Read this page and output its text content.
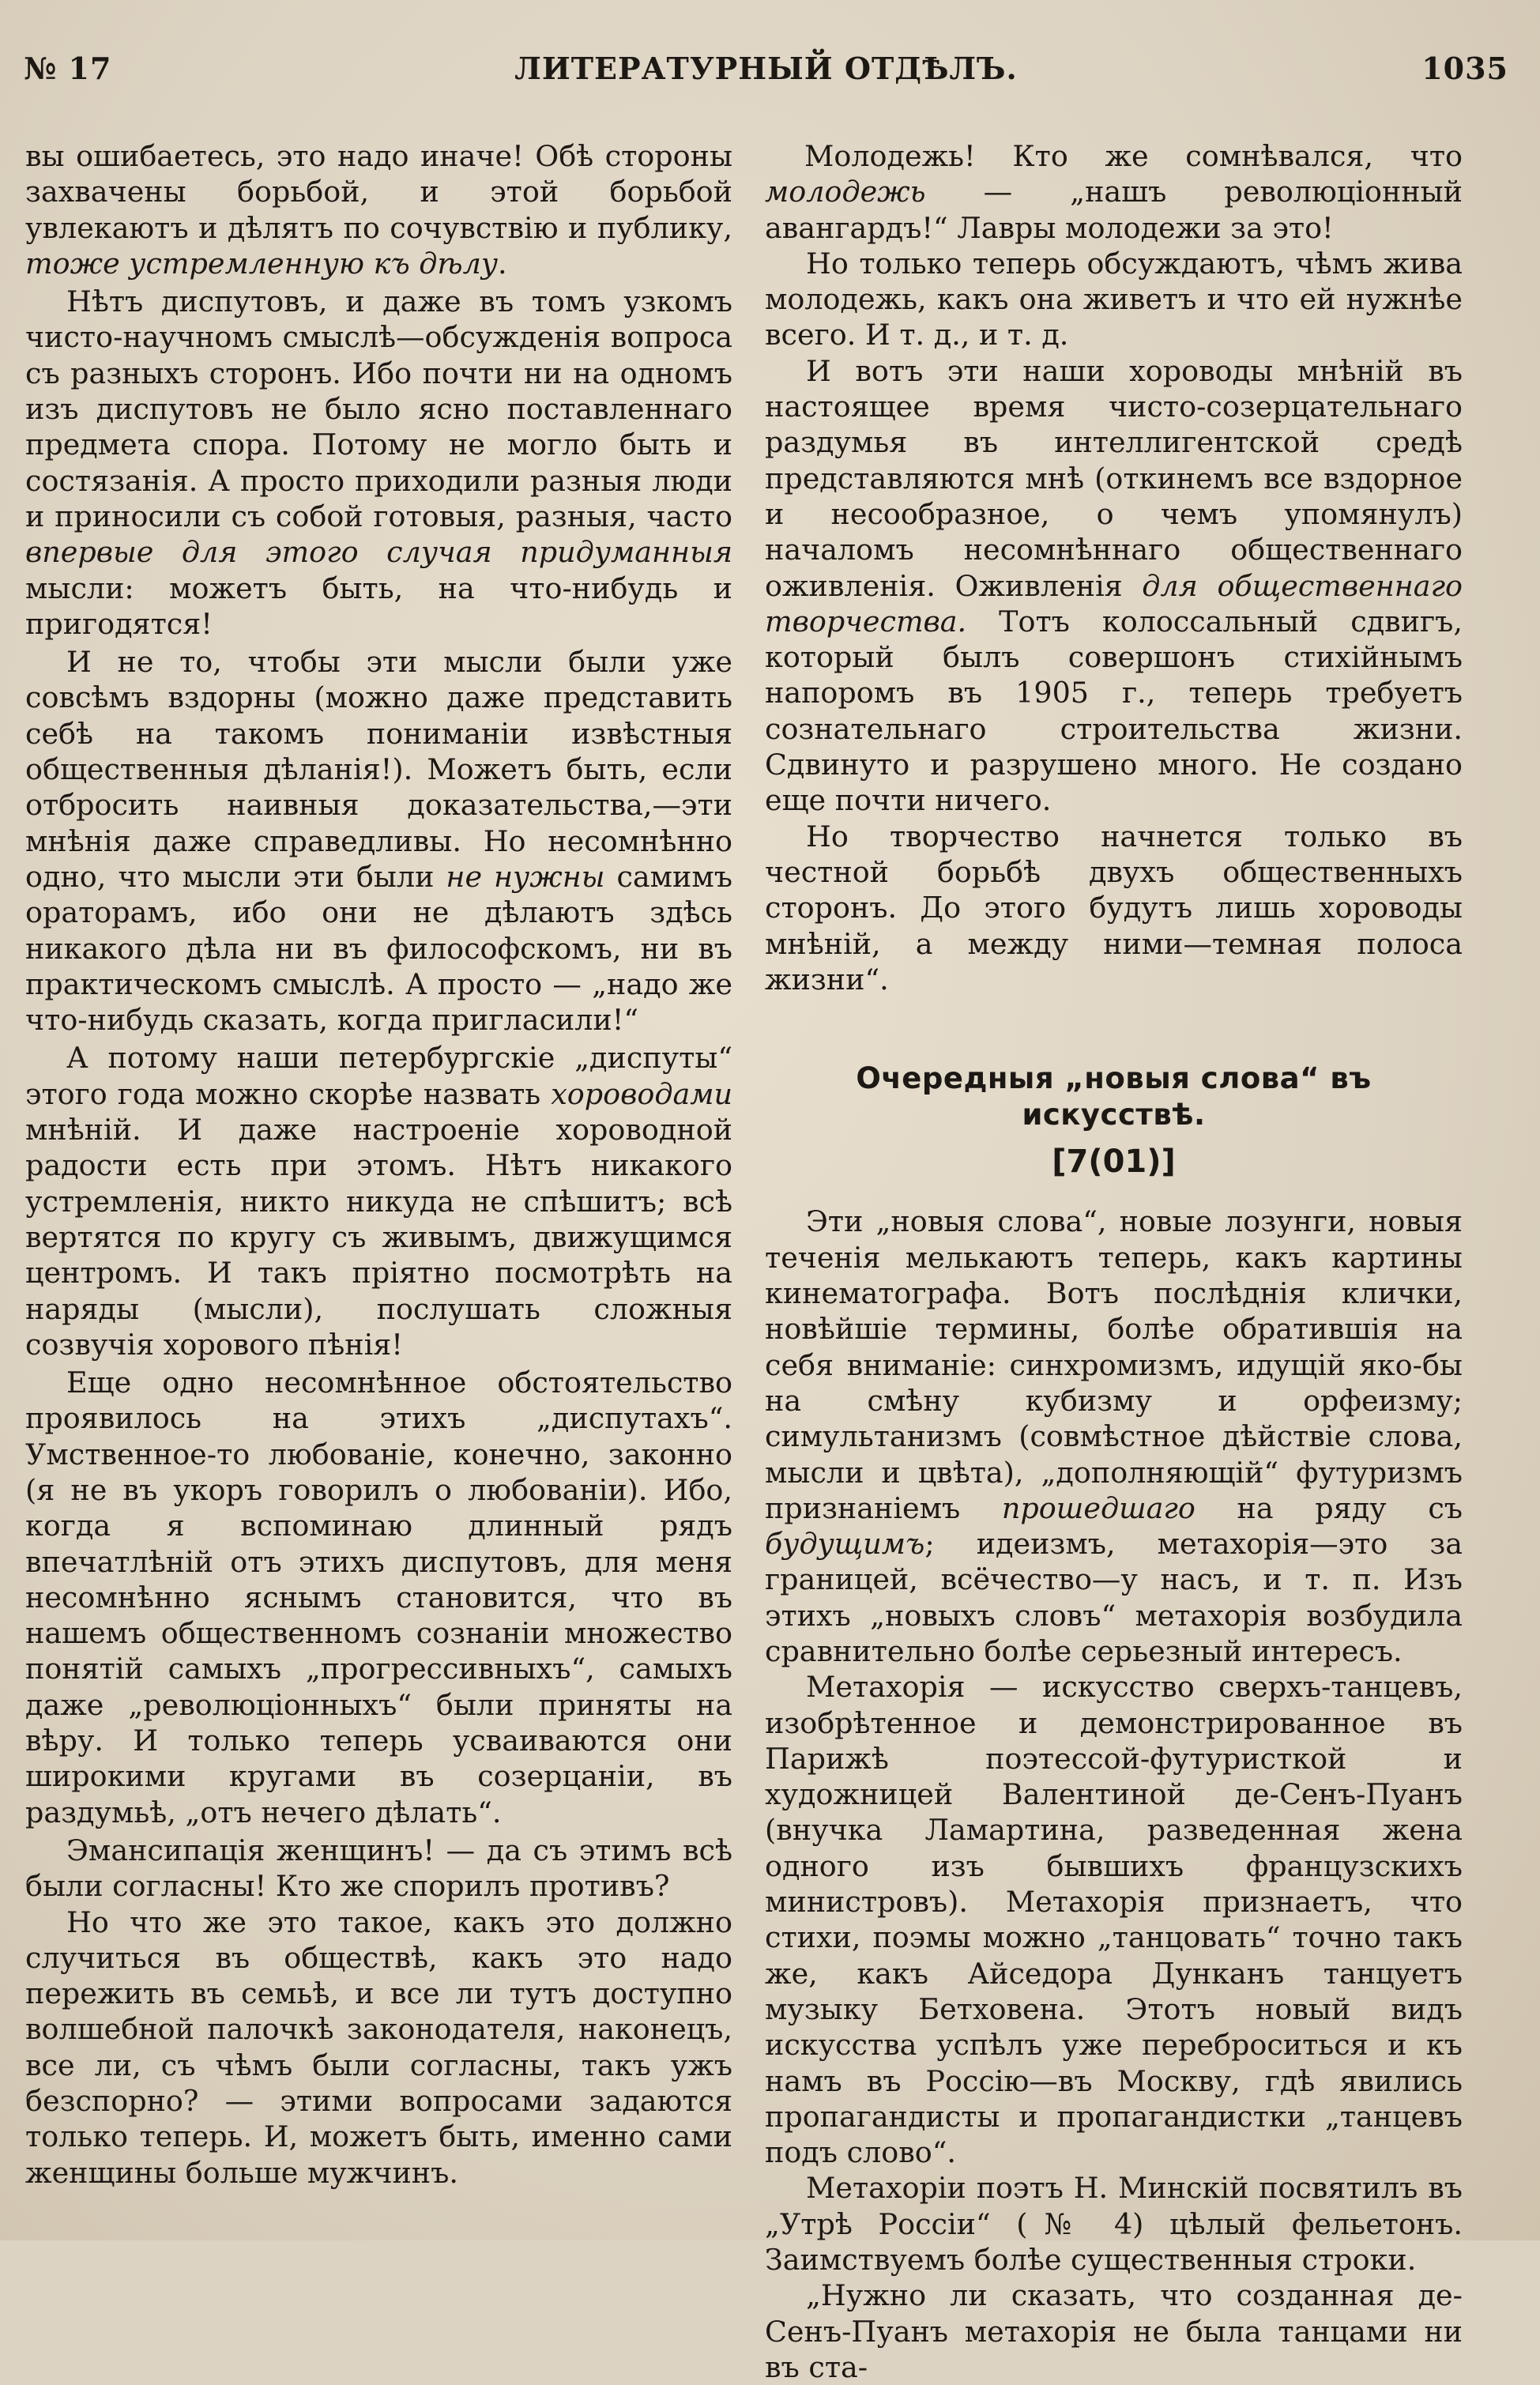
№ 17	ЛИТЕРАТУРНЫЙ ОТДѢЛЪ.	1035

вы ошибаетесь, это надо иначе! Обѣ стороны захвачены борьбой, и этой борьбой увлекаютъ и дѣлятъ по сочувствію и публику, тоже устремленную къ дѣлу.

Нѣтъ диспутовъ, и даже въ томъ узкомъ чисто-научномъ смыслѣ—обсужденія вопроса съ разныхъ сторонъ. Ибо почти ни на одномъ изъ диспутовъ не было ясно поставленнаго предмета спора. Потому не могло быть и состязанія. А просто приходили разныя люди и приносили съ собой готовыя, разныя, часто впервые для этого случая придуманныя мысли: можетъ быть, на что-нибудь и пригодятся!

И не то, чтобы эти мысли были уже совсѣмъ вздорны (можно даже представить себѣ на такомъ пониманіи извѣстныя общественныя дѣланія!). Можетъ быть, если отбросить наивныя доказательства,—эти мнѣнія даже справедливы. Но несомнѣнно одно, что мысли эти были не нужны самимъ ораторамъ, ибо они не дѣлаютъ здѣсь никакого дѣла ни въ философскомъ, ни въ практическомъ смыслѣ. А просто — „надо же что-нибудь сказать, когда пригласили!“

А потому наши петербургскіе „диспуты“ этого года можно скорѣе назвать хороводами мнѣній. И даже настроеніе хороводной радости есть при этомъ. Нѣтъ никакого устремленія, никто никуда не спѣшитъ; всѣ вертятся по кругу съ живымъ, движущимся центромъ. И такъ пріятно посмотрѣть на наряды (мысли), послушать сложныя созвучія хорового пѣнія!

Еще одно несомнѣнное обстоятельство проявилось на этихъ „диспутахъ“. Умственное-то любованіе, конечно, законно (я не въ укоръ говорилъ о любованіи). Ибо, когда я вспоминаю длинный рядъ впечатлѣній отъ этихъ диспутовъ, для меня несомнѣнно яснымъ становится, что въ нашемъ общественномъ сознаніи множество понятій самыхъ „прогрессивныхъ“, самыхъ даже „революціонныхъ“ были приняты на вѣру. И только теперь усваиваются они широкими кругами въ созерцаніи, въ раздумьѣ, „отъ нечего дѣлать“.

Эмансипація женщинъ! — да съ этимъ всѣ были согласны! Кто же спорилъ противъ?

Но что же это такое, какъ это должно случиться въ обществѣ, какъ это надо пережить въ семьѣ, и все ли тутъ доступно волшебной палочкѣ законодателя, наконецъ, все ли, съ чѣмъ были согласны, такъ ужъ безспорно? — этими вопросами задаются только теперь. И, можетъ быть, именно сами женщины больше мужчинъ.

Молодежь! Кто же сомнѣвался, что молодежь — „нашъ революціонный авангардъ!“ Лавры молодежи за это!

Но только теперь обсуждаютъ, чѣмъ жива молодежь, какъ она живетъ и что ей нужнѣе всего. И т. д., и т. д.

И вотъ эти наши хороводы мнѣній въ настоящее время чисто-созерцательнаго раздумья въ интеллигентской средѣ представляются мнѣ (откинемъ все вздорное и несообразное, о чемъ упомянулъ) началомъ несомнѣннаго общественнаго оживленія. Оживленія для общественнаго творчества. Тотъ колоссальный сдвигъ, который былъ совершонъ стихійнымъ напоромъ въ 1905 г., теперь требуетъ сознательнаго строительства жизни. Сдвинуто и разрушено много. Не создано еще почти ничего.

Но творчество начнется только въ честной борьбѣ двухъ общественныхъ сторонъ. До этого будутъ лишь хороводы мнѣній, а между ними—темная полоса жизни“.

Очередныя „новыя слова“ въ искусствѣ.
[7(01)]

Эти „новыя слова“, новые лозунги, новыя теченія мелькаютъ теперь, какъ картины кинематографа. Вотъ послѣднія клички, новѣйшіе термины, болѣе обратившія на себя вниманіе: синхромизмъ, идущій яко-бы на смѣну кубизму и орфеизму; симультанизмъ (совмѣстное дѣйствіе слова, мысли и цвѣта), „дополняющій“ футуризмъ признаніемъ прошедшаго на ряду съ будущимъ; идеизмъ, метахорія—это за границей, всёчество—у насъ, и т. п. Изъ этихъ „новыхъ словъ“ метахорія возбудила сравнительно болѣе серьезный интересъ.

Метахорія — искусство сверхъ-танцевъ, изобрѣтенное и демонстрированное въ Парижѣ поэтессой-футуристкой и художницей Валентиной де-Сенъ-Пуанъ (внучка Ламартина, разведенная жена одного изъ бывшихъ французскихъ министровъ). Метахорія признаетъ, что стихи, поэмы можно „танцовать“ точно такъ же, какъ Айседора Дунканъ танцуетъ музыку Бетховена. Этотъ новый видъ искусства успѣлъ уже переброситься и къ намъ въ Россію—въ Москву, гдѣ явились пропагандисты и пропагандистки „танцевъ подъ слово“.

Метахоріи поэтъ Н. Минскій посвятилъ въ „Утрѣ Россіи“ (№ 4) цѣлый фельетонъ. Заимствуемъ болѣе существенныя строки.

„Нужно ли сказать, что созданная де-Сенъ-Пуанъ метахорія не была танцами ни въ ста-
